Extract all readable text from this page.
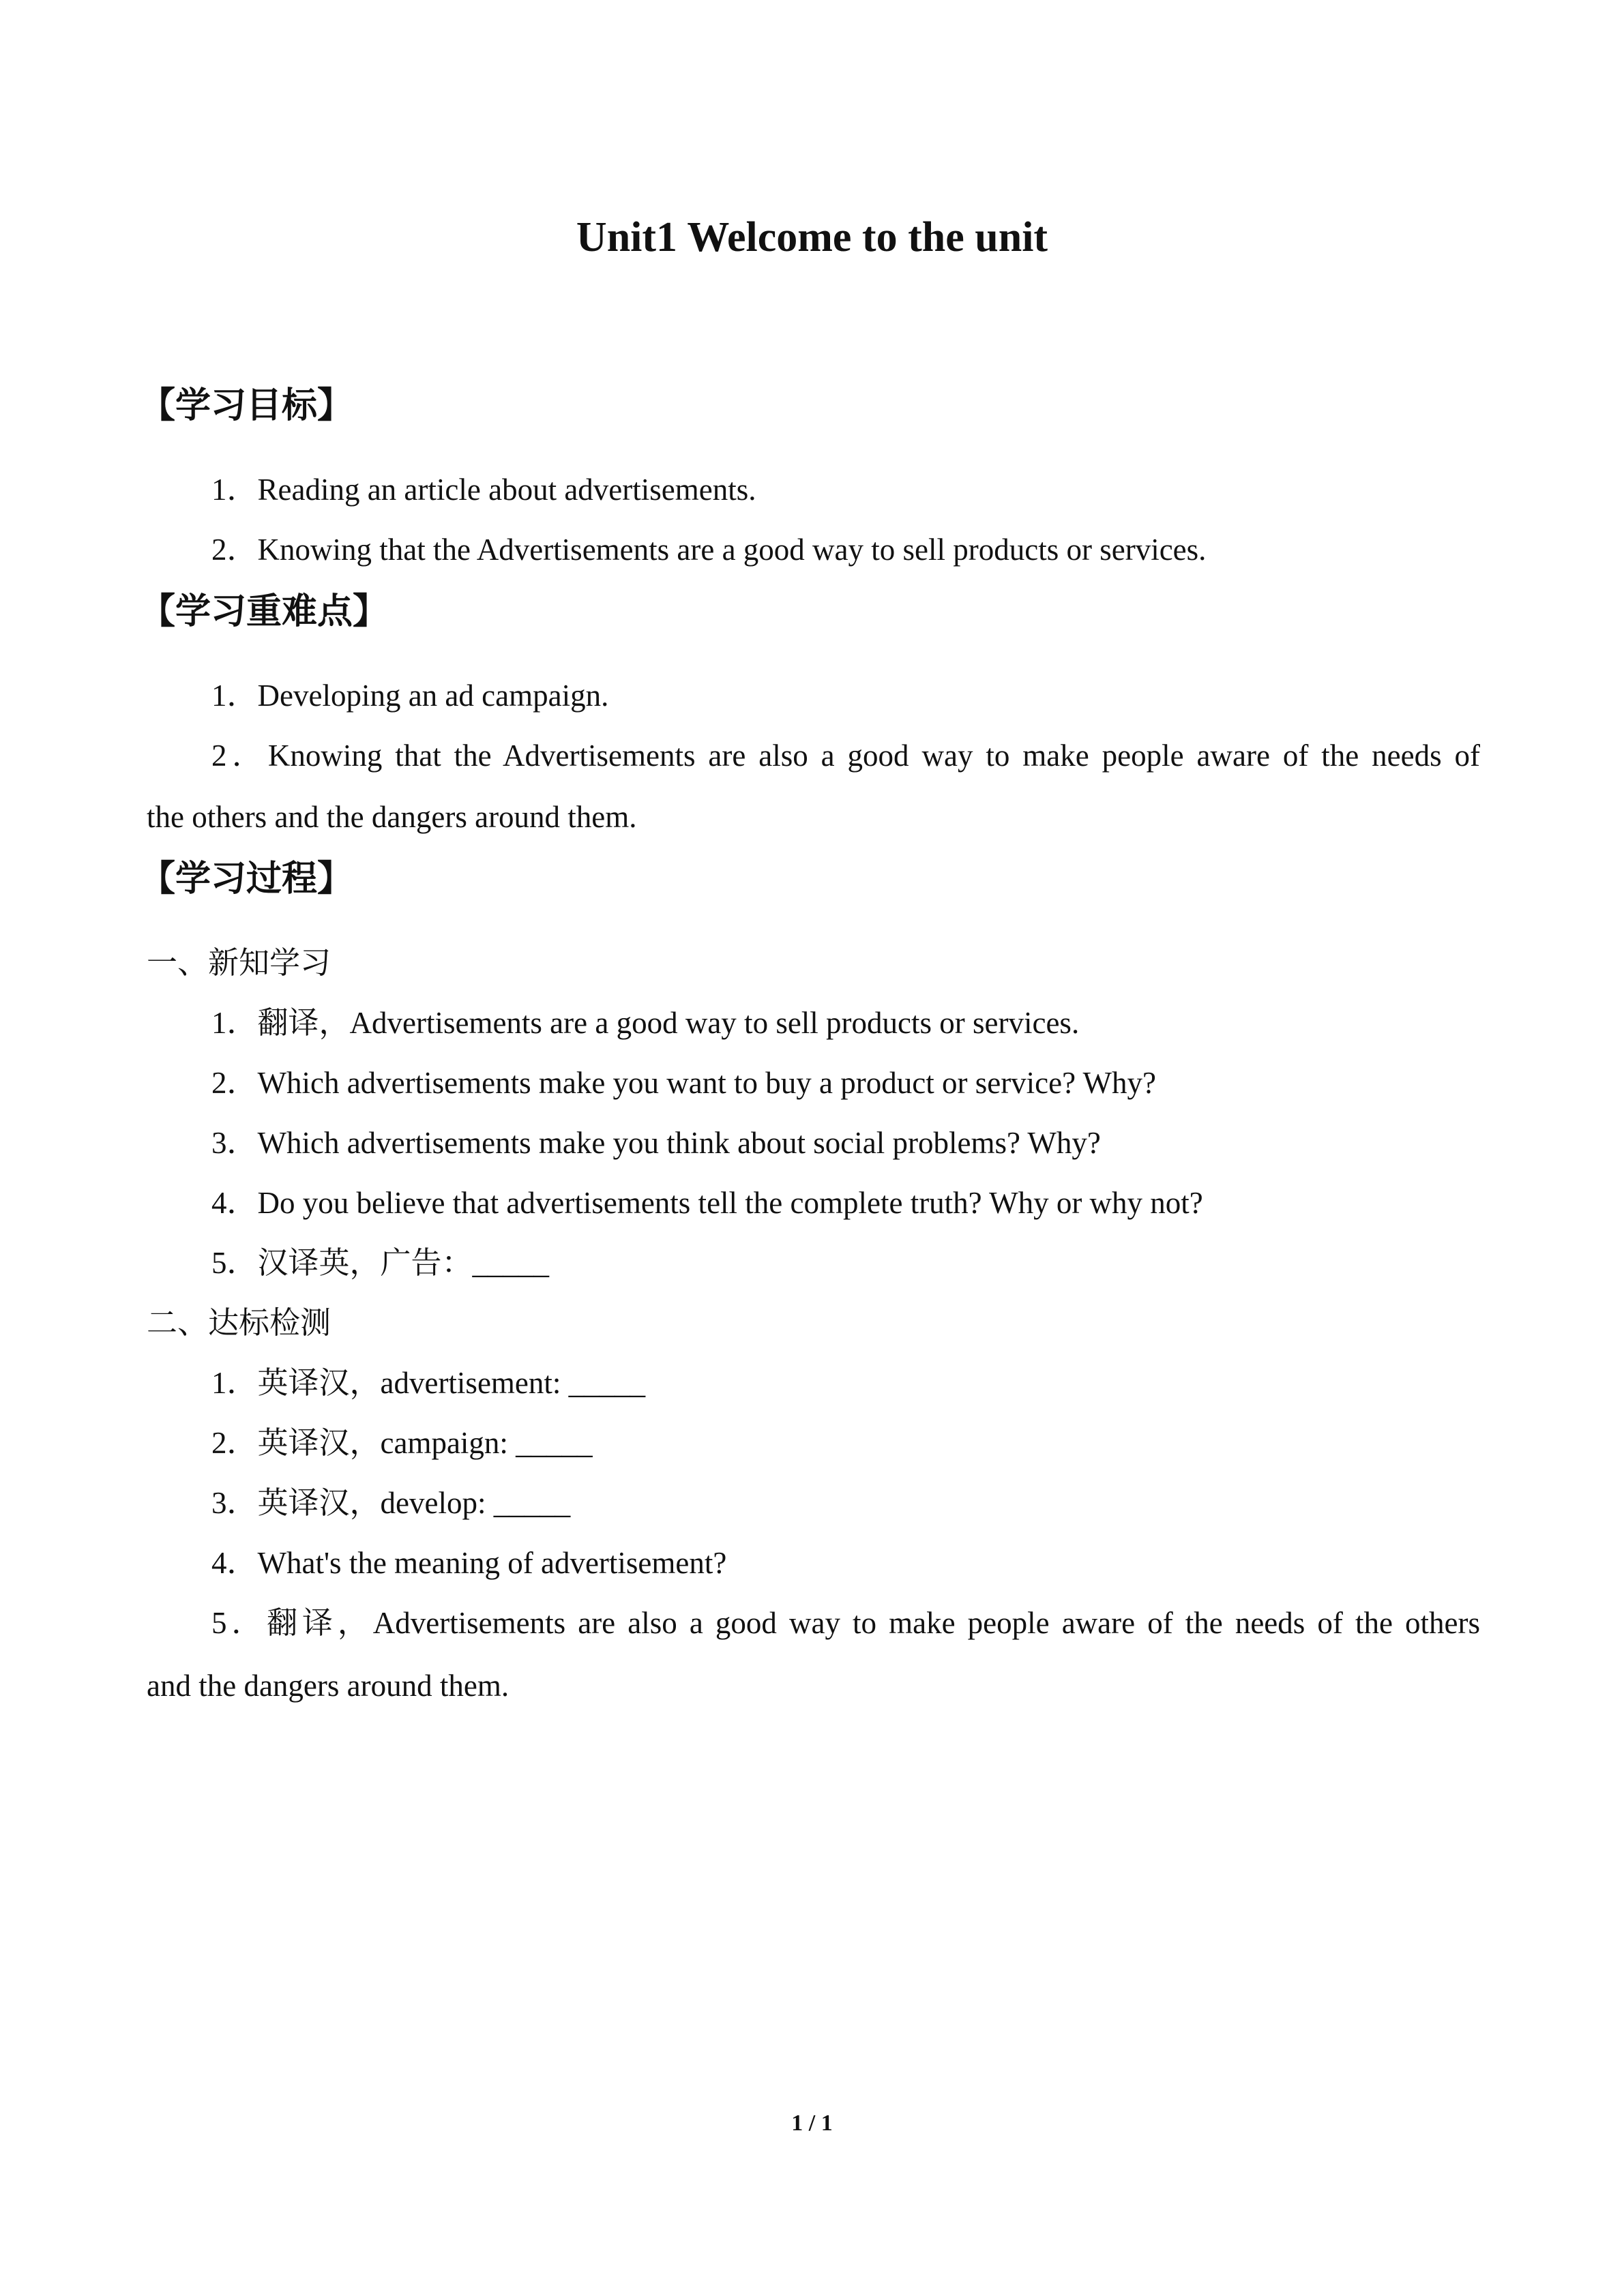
Unit1 Welcome to the unit
【学习目标】
1．Reading an article about advertisements.
2．Knowing that the Advertisements are a good way to sell products or services.
【学习重难点】
1．Developing an ad campaign.
2．Knowing that the Advertisements are also a good way to make people aware of the needs of
the others and the dangers around them.
【学习过程】
一、新知学习
1．翻译，Advertisements are a good way to sell products or services.
2．Which advertisements make you want to buy a product or service? Why?
3．Which advertisements make you think about social problems? Why?
4．Do you believe that advertisements tell the complete truth? Why or why not?
5．汉译英，广告：_____
二、达标检测
1．英译汉，advertisement: _____
2．英译汉，campaign: _____
3．英译汉，develop: _____
4．What's the meaning of advertisement?
5．翻译，Advertisements are also a good way to make people aware of the needs of the others
and the dangers around them.
1 / 1
